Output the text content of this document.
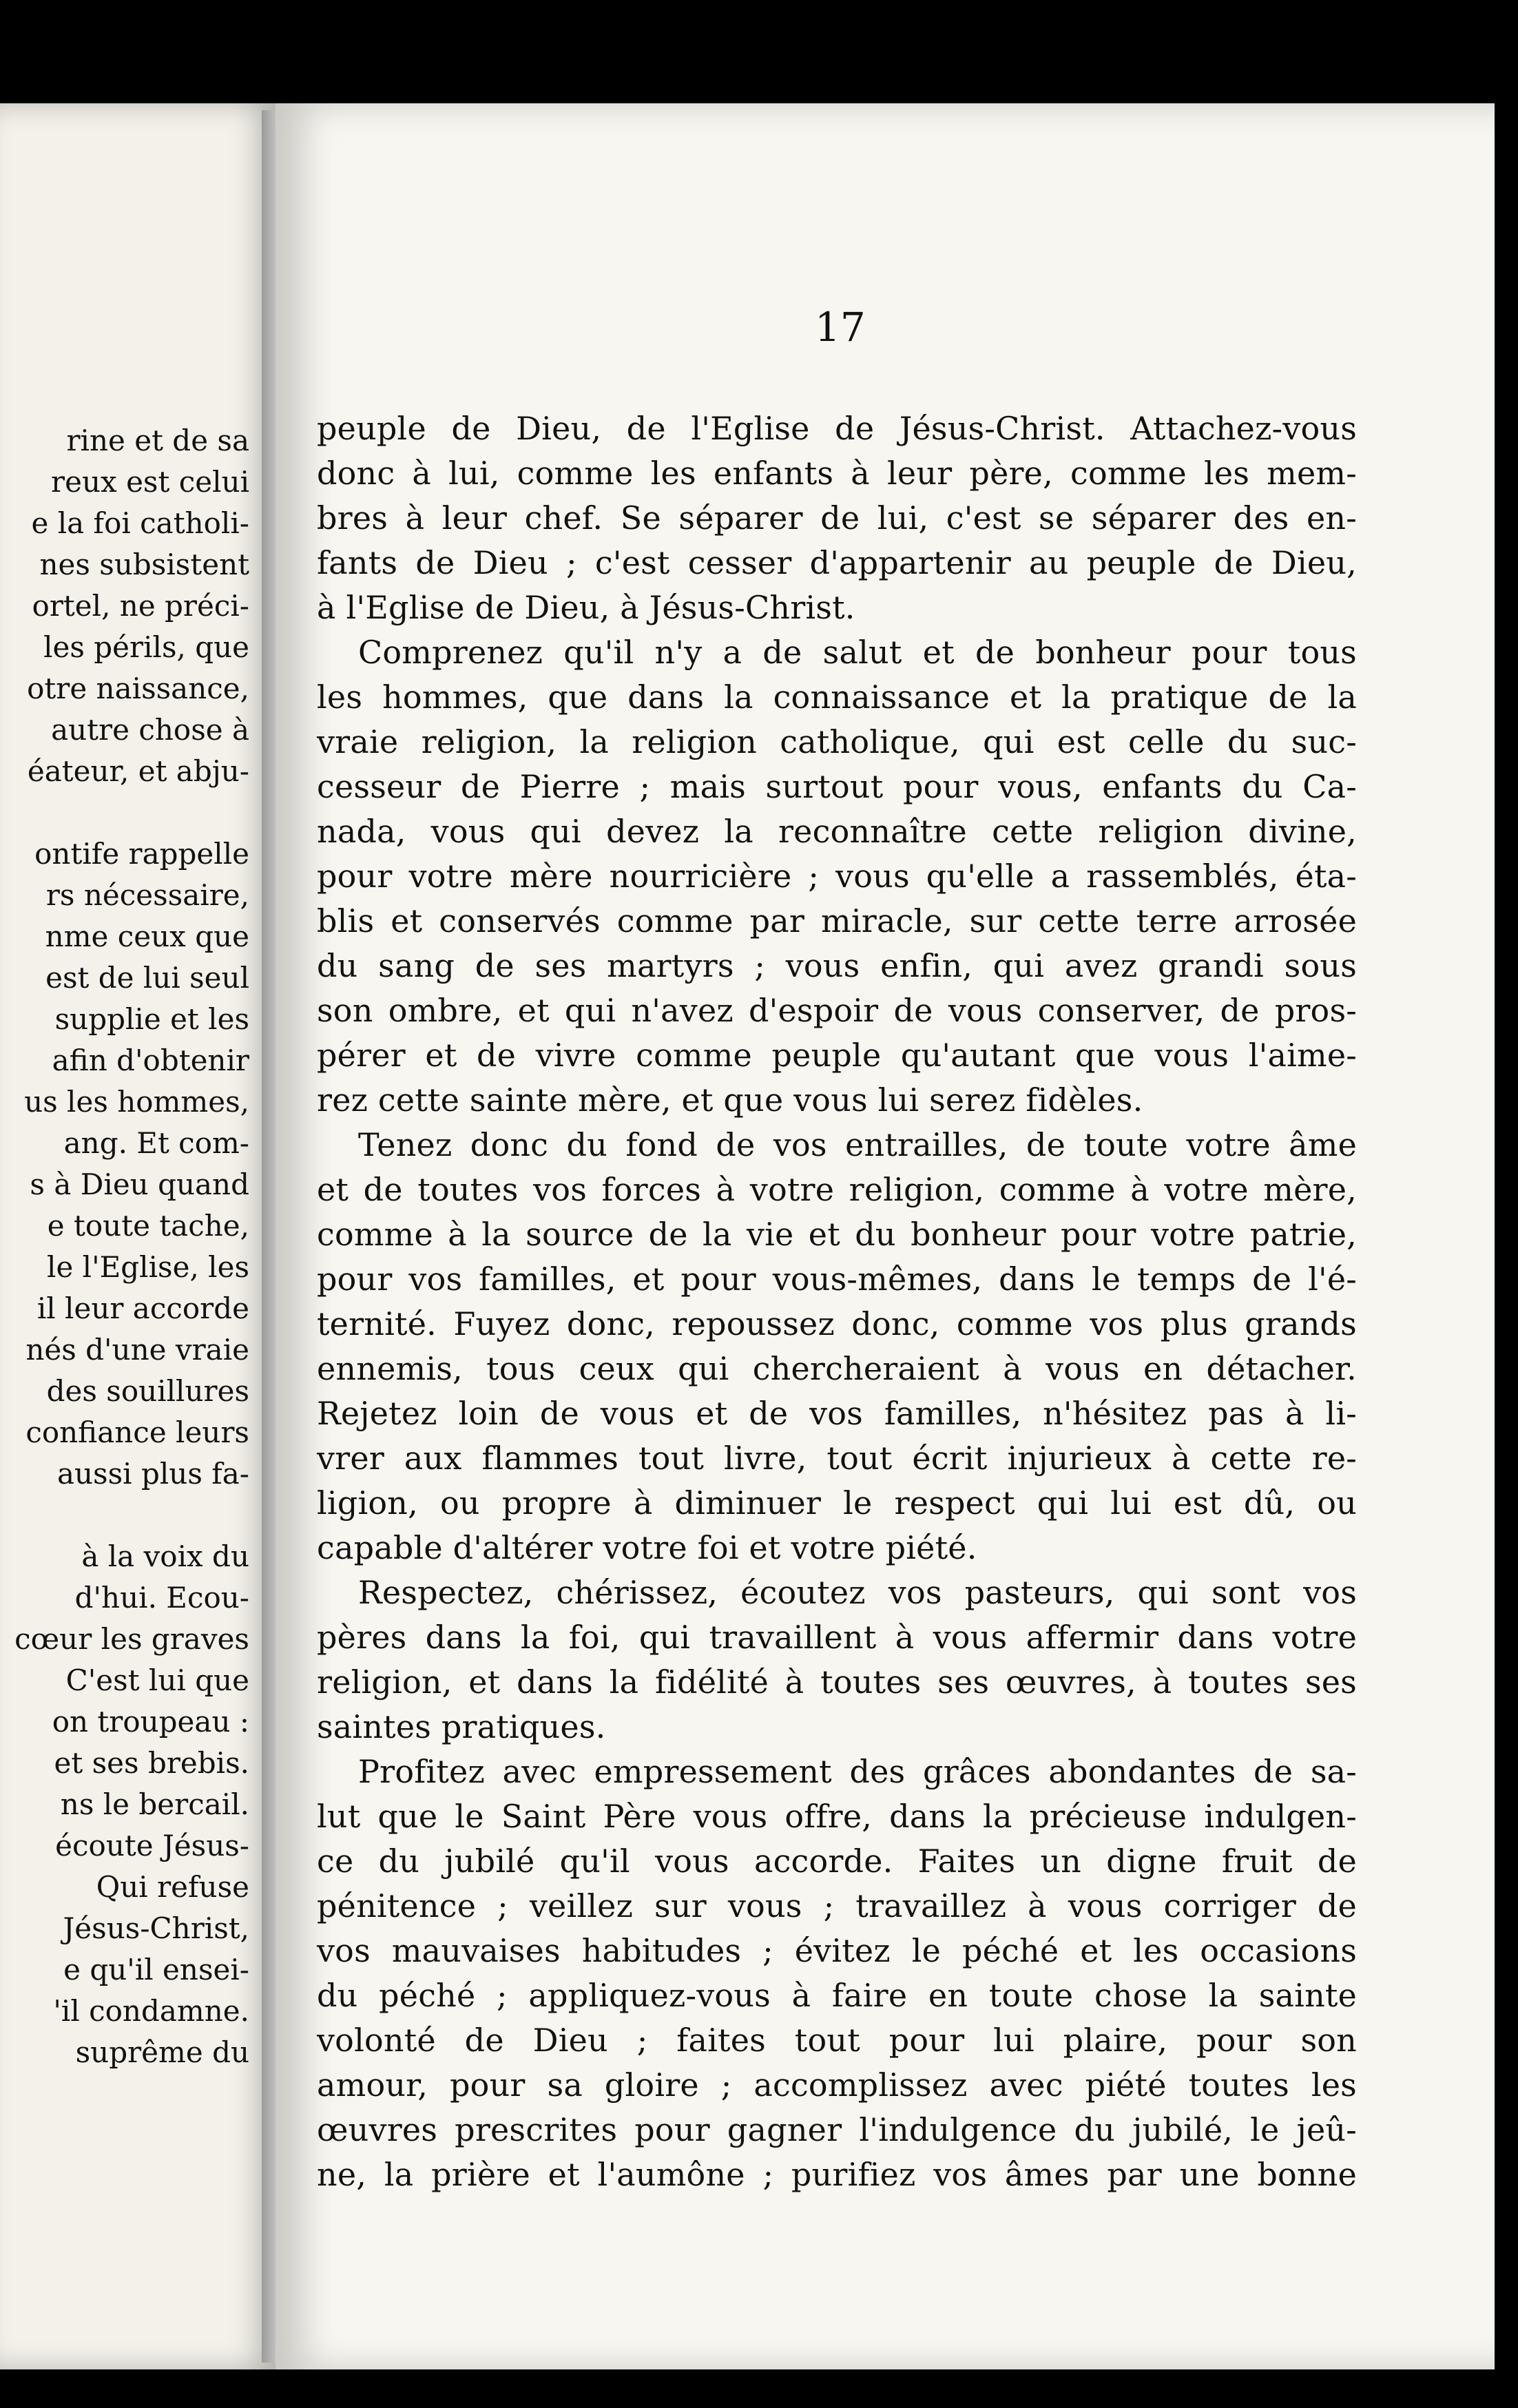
rine et de sa
reux est celui
e la foi catholi-
nes subsistent
ortel, ne préci-
les périls, que
otre naissance,
autre chose à
éateur, et abju-
ontife rappelle
rs nécessaire,
nme ceux que
est de lui seul
supplie et les
afin d'obtenir
us les hommes,
ang. Et com-
s à Dieu quand
e toute tache,
le l'Eglise, les
il leur accorde
nés d'une vraie
des souillures
confiance leurs
aussi plus fa-
à la voix du
d'hui. Ecou-
cœur les graves
C'est lui que
on troupeau :
et ses brebis.
ns le bercail.
écoute Jésus-
Qui refuse
Jésus-Christ,
e qu'il ensei-
'il condamne.
suprême du
17
peuple de Dieu, de l'Eglise de Jésus-Christ. Attachez-vous
donc à lui, comme les enfants à leur père, comme les mem-
bres à leur chef. Se séparer de lui, c'est se séparer des en-
fants de Dieu ; c'est cesser d'appartenir au peuple de Dieu,
à l'Eglise de Dieu, à Jésus-Christ.
Comprenez qu'il n'y a de salut et de bonheur pour tous
les hommes, que dans la connaissance et la pratique de la
vraie religion, la religion catholique, qui est celle du suc-
cesseur de Pierre ; mais surtout pour vous, enfants du Ca-
nada, vous qui devez la reconnaître cette religion divine,
pour votre mère nourricière ; vous qu'elle a rassemblés, éta-
blis et conservés comme par miracle, sur cette terre arrosée
du sang de ses martyrs ; vous enfin, qui avez grandi sous
son ombre, et qui n'avez d'espoir de vous conserver, de pros-
pérer et de vivre comme peuple qu'autant que vous l'aime-
rez cette sainte mère, et que vous lui serez fidèles.
Tenez donc du fond de vos entrailles, de toute votre âme
et de toutes vos forces à votre religion, comme à votre mère,
comme à la source de la vie et du bonheur pour votre patrie,
pour vos familles, et pour vous-mêmes, dans le temps de l'é-
ternité. Fuyez donc, repoussez donc, comme vos plus grands
ennemis, tous ceux qui chercheraient à vous en détacher.
Rejetez loin de vous et de vos familles, n'hésitez pas à li-
vrer aux flammes tout livre, tout écrit injurieux à cette re-
ligion, ou propre à diminuer le respect qui lui est dû, ou
capable d'altérer votre foi et votre piété.
Respectez, chérissez, écoutez vos pasteurs, qui sont vos
pères dans la foi, qui travaillent à vous affermir dans votre
religion, et dans la fidélité à toutes ses œuvres, à toutes ses
saintes pratiques.
Profitez avec empressement des grâces abondantes de sa-
lut que le Saint Père vous offre, dans la précieuse indulgen-
ce du jubilé qu'il vous accorde. Faites un digne fruit de
pénitence ; veillez sur vous ; travaillez à vous corriger de
vos mauvaises habitudes ; évitez le péché et les occasions
du péché ; appliquez-vous à faire en toute chose la sainte
volonté de Dieu ; faites tout pour lui plaire, pour son
amour, pour sa gloire ; accomplissez avec piété toutes les
œuvres prescrites pour gagner l'indulgence du jubilé, le jeû-
ne, la prière et l'aumône ; purifiez vos âmes par une bonne
